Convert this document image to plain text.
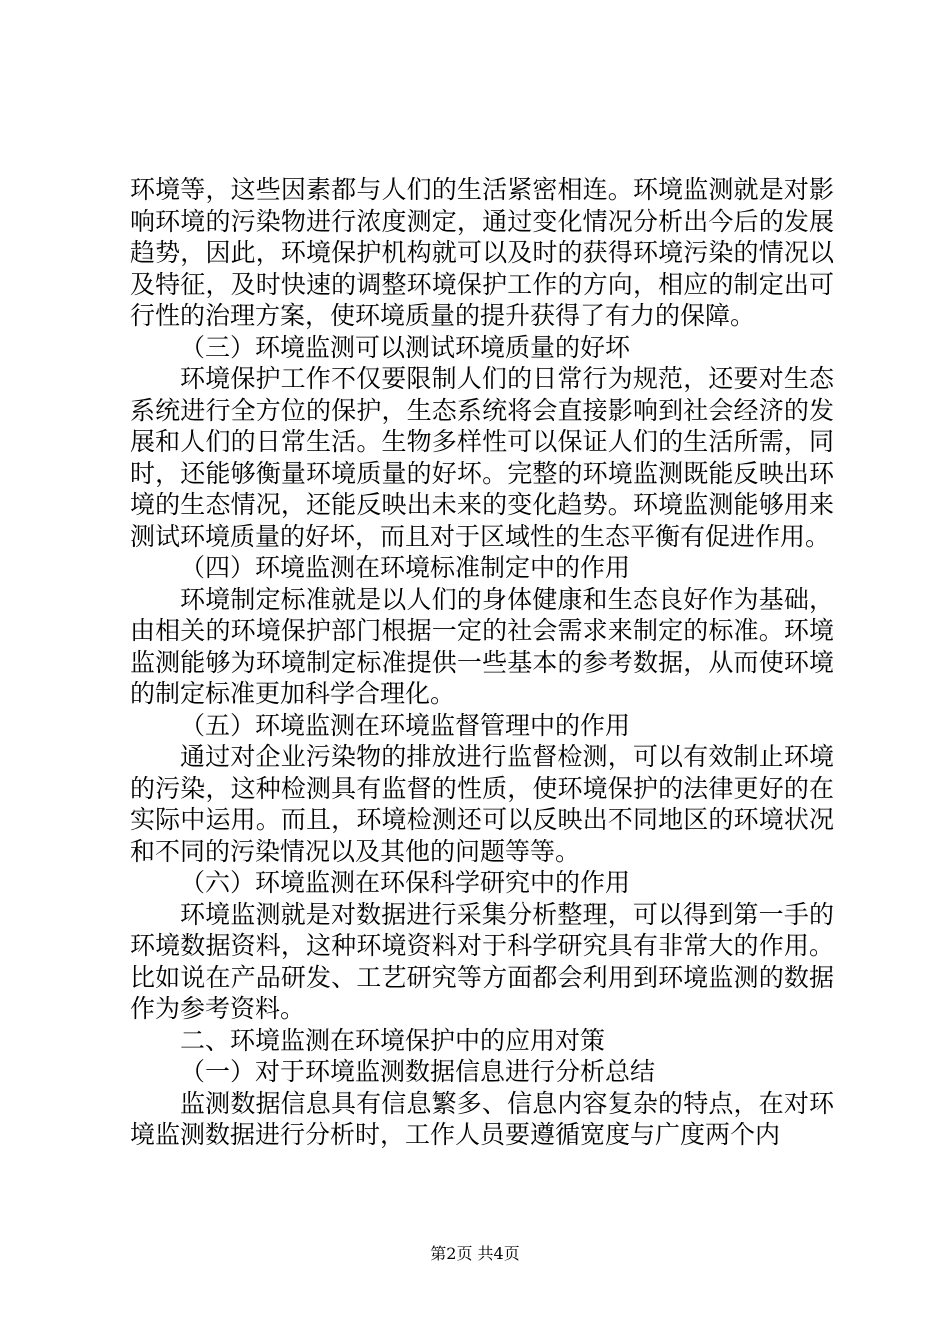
环境等，这些因素都与人们的生活紧密相连。环境监测就是对影响环境的污染物进行浓度测定，通过变化情况分析出今后的发展趋势，因此，环境保护机构就可以及时的获得环境污染的情况以及特征，及时快速的调整环境保护工作的方向，相应的制定出可行性的治理方案，使环境质量的提升获得了有力的保障。

（三）环境监测可以测试环境质量的好坏

环境保护工作不仅要限制人们的日常行为规范，还要对生态系统进行全方位的保护，生态系统将会直接影响到社会经济的发展和人们的日常生活。生物多样性可以保证人们的生活所需，同时，还能够衡量环境质量的好坏。完整的环境监测既能反映出环境的生态情况，还能反映出未来的变化趋势。环境监测能够用来测试环境质量的好坏，而且对于区域性的生态平衡有促进作用。

（四）环境监测在环境标准制定中的作用

环境制定标准就是以人们的身体健康和生态良好作为基础，由相关的环境保护部门根据一定的社会需求来制定的标准。环境监测能够为环境制定标准提供一些基本的参考数据，从而使环境的制定标准更加科学合理化。

（五）环境监测在环境监督管理中的作用

通过对企业污染物的排放进行监督检测，可以有效制止环境的污染，这种检测具有监督的性质，使环境保护的法律更好的在实际中运用。而且，环境检测还可以反映出不同地区的环境状况和不同的污染情况以及其他的问题等等。

（六）环境监测在环保科学研究中的作用

环境监测就是对数据进行采集分析整理，可以得到第一手的环境数据资料，这种环境资料对于科学研究具有非常大的作用。比如说在产品研发、工艺研究等方面都会利用到环境监测的数据作为参考资料。

二、环境监测在环境保护中的应用对策

（一）对于环境监测数据信息进行分析总结

监测数据信息具有信息繁多、信息内容复杂的特点，在对环境监测数据进行分析时，工作人员要遵循宽度与广度两个内

第2页 共4页
